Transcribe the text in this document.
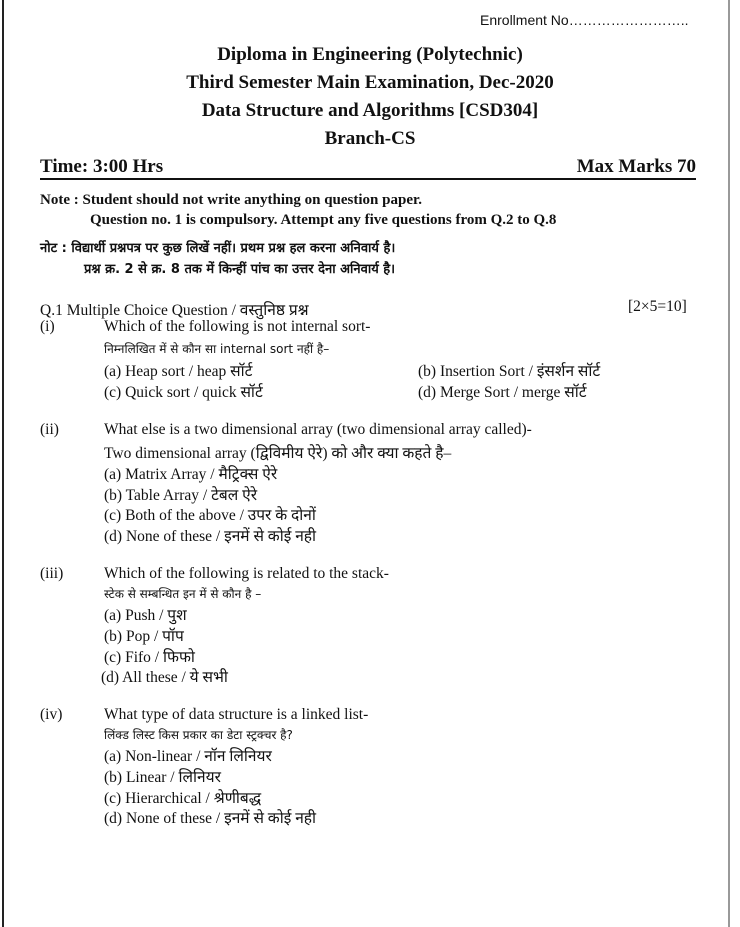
Enrollment No……………………..
Diploma in Engineering (Polytechnic)
Third Semester Main Examination, Dec-2020
Data Structure and Algorithms [CSD304]
Branch-CS
Time: 3:00 Hrs	Max Marks 70
Note : Student should not write anything on question paper.
Question no. 1 is compulsory. Attempt any five questions from Q.2 to Q.8
नोट : विद्यार्थी प्रश्नपत्र पर कुछ लिखें नहीं। प्रथम प्रश्न हल करना अनिवार्य है।
प्रश्न क्र. 2 से क्र. 8 तक में किन्हीं पांच का उत्तर देना अनिवार्य है।
Q.1 Multiple Choice Question / वस्तुनिष्ठ प्रश्न	[2×5=10]
(i)	Which of the following is not internal sort-
निम्नलिखित में से कौन सा internal sort नहीं है–
(a) Heap sort / heap सॉर्ट	(b) Insertion Sort / इंसर्शन सॉर्ट
(c) Quick sort / quick सॉर्ट	(d) Merge Sort / merge सॉर्ट
(ii)	What else is a two dimensional array (two dimensional array called)-
Two dimensional array (द्विविमीय ऐरे) को और क्या कहते है–
(a) Matrix Array / मैट्रिक्स ऐरे
(b) Table Array / टेबल ऐरे
(c) Both of the above / उपर के दोनों
(d) None of these / इनमें से कोई नही
(iii)	Which of the following is related to the stack-
स्टेक से सम्बन्धित इन में से कौन है –
(a) Push / पुश
(b) Pop / पॉप
(c) Fifo / फिफो
(d) All these / ये सभी
(iv)	What type of data structure is a linked list-
लिंक्ड लिस्ट किस प्रकार का डेटा स्ट्रक्चर है?
(a) Non-linear / नॉन लिनियर
(b) Linear / लिनियर
(c) Hierarchical / श्रेणीबद्ध
(d) None of these / इनमें से कोई नही
